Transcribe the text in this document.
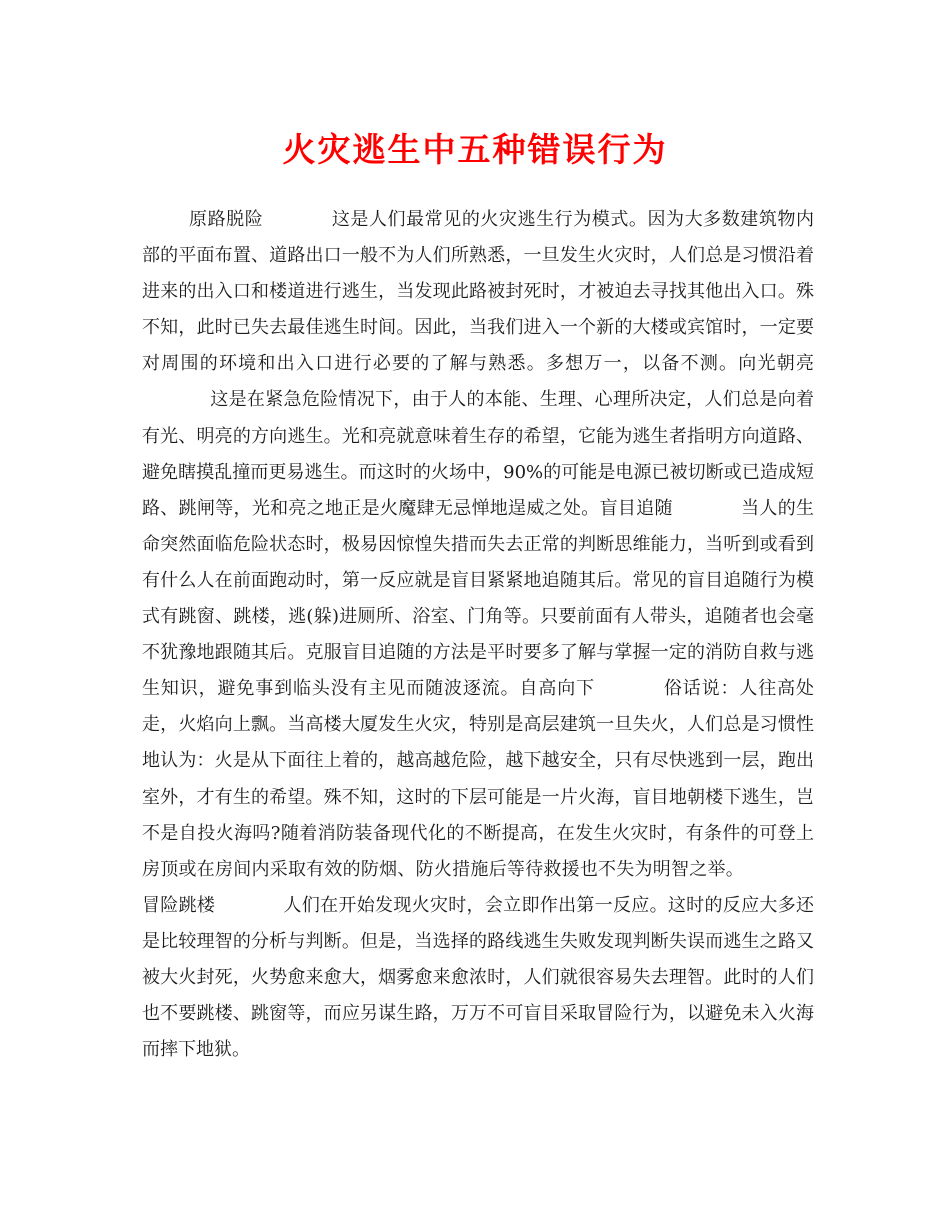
火灾逃生中五种错误行为

原路脱险	这是人们最常见的火灾逃生行为模式。因为大多数建筑物内部的平面布置、道路出口一般不为人们所熟悉，一旦发生火灾时，人们总是习惯沿着进来的出入口和楼道进行逃生，当发现此路被封死时，才被迫去寻找其他出入口。殊不知，此时已失去最佳逃生时间。因此，当我们进入一个新的大楼或宾馆时，一定要对周围的环境和出入口进行必要的了解与熟悉。多想万一，以备不测。向光朝亮这是在紧急危险情况下，由于人的本能、生理、心理所决定，人们总是向着有光、明亮的方向逃生。光和亮就意味着生存的希望，它能为逃生者指明方向道路、避免瞎摸乱撞而更易逃生。而这时的火场中，90%的可能是电源已被切断或已造成短路、跳闸等，光和亮之地正是火魔肆无忌惮地逞威之处。盲目追随	当人的生命突然面临危险状态时，极易因惊惶失措而失去正常的判断思维能力，当听到或看到有什么人在前面跑动时，第一反应就是盲目紧紧地追随其后。常见的盲目追随行为模式有跳窗、跳楼，逃(躲)进厕所、浴室、门角等。只要前面有人带头，追随者也会毫不犹豫地跟随其后。克服盲目追随的方法是平时要多了解与掌握一定的消防自救与逃生知识，避免事到临头没有主见而随波逐流。自高向下	俗话说：人往高处走，火焰向上飘。当高楼大厦发生火灾，特别是高层建筑一旦失火，人们总是习惯性地认为：火是从下面往上着的，越高越危险，越下越安全，只有尽快逃到一层，跑出室外，才有生的希望。殊不知，这时的下层可能是一片火海，盲目地朝楼下逃生，岂不是自投火海吗?随着消防装备现代化的不断提高，在发生火灾时，有条件的可登上房顶或在房间内采取有效的防烟、防火措施后等待救援也不失为明智之举。冒险跳楼	人们在开始发现火灾时，会立即作出第一反应。这时的反应大多还是比较理智的分析与判断。但是，当选择的路线逃生失败发现判断失误而逃生之路又被大火封死，火势愈来愈大，烟雾愈来愈浓时，人们就很容易失去理智。此时的人们也不要跳楼、跳窗等，而应另谋生路，万万不可盲目采取冒险行为，以避免未入火海而摔下地狱。
